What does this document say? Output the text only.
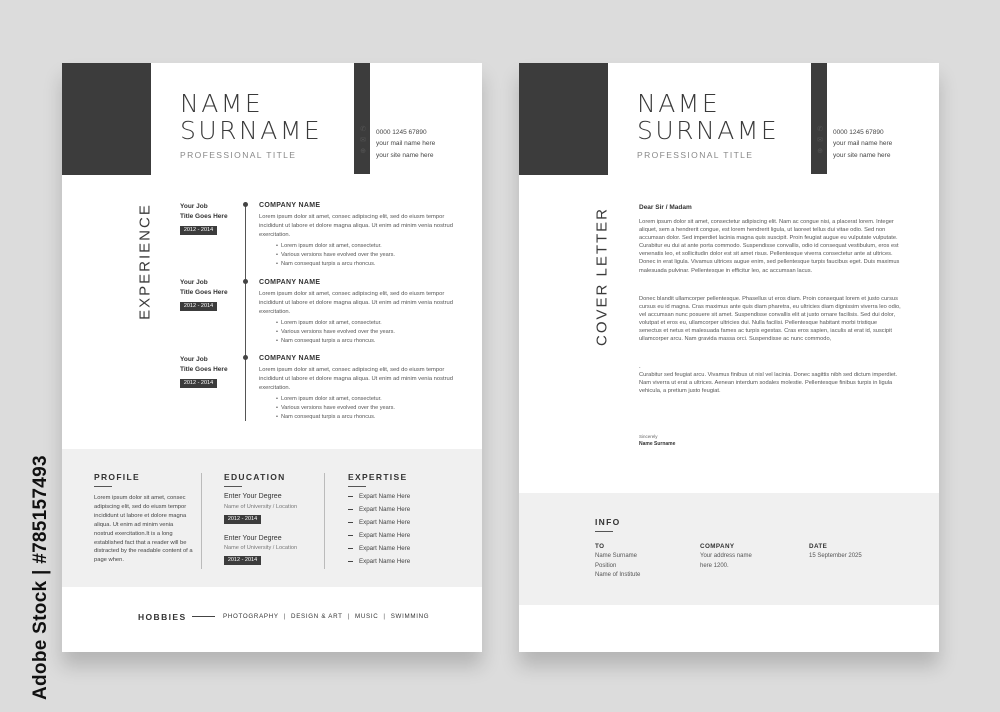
Adobe Stock | #785157493
NAME
SURNAME
PROFESSIONAL TITLE
✆
✉
⊕
0000 1245 67890
your mail name here
your site name here
EXPERIENCE	Your Job
Title Goes Here
2012 - 2014
COMPANY NAME
Lorem ipsum dolor sit amet, consec adipiscing elit, sed do eiusm tempor incididunt ut labore et dolore magna aliqua. Ut enim ad minim venia nostrud exercitation.
• Lorem ipsum dolor sit amet, consectetur.
• Various versions have evolved over the years.
• Nam consequat turpis a arcu rhoncus.
Your Job
Title Goes Here
2012 - 2014
COMPANY NAME
Lorem ipsum dolor sit amet, consec adipiscing elit, sed do eiusm tempor incididunt ut labore et dolore magna aliqua. Ut enim ad minim venia nostrud exercitation.
• Lorem ipsum dolor sit amet, consectetur.
• Various versions have evolved over the years.
• Nam consequat turpis a arcu rhoncus.
Your Job
Title Goes Here
2012 - 2014
COMPANY NAME
Lorem ipsum dolor sit amet, consec adipiscing elit, sed do eiusm tempor incididunt ut labore et dolore magna aliqua. Ut enim ad minim venia nostrud exercitation.
• Lorem ipsum dolor sit amet, consectetur.
• Various versions have evolved over the years.
• Nam consequat turpis a arcu rhoncus.
PROFILE
Lorem ipsum dolor sit amet, consec adipiscing elit, sed do eiusm tempor incididunt ut labore et dolore magna aliqua. Ut enim ad minim venia nostrud exercitation.It is a long established fact that a reader will be distracted by the readable content of a page when.
EDUCATION
Enter Your Degree
Name of University / Location
2012 - 2014
Enter Your Degree
Name of University / Location
2012 - 2014
EXPERTISE
Expart Name Here
Expart Name Here
Expart Name Here
Expart Name Here
Expart Name Here
Expart Name Here
HOBBIES	PHOTOGRAPHY | DESIGN & ART | MUSIC | SWIMMING
NAME
SURNAME
PROFESSIONAL TITLE
✆
✉
⊕
0000 1245 67890
your mail name here
your site name here
COVER LETTER	Dear Sir / Madam
Lorem ipsum dolor sit amet, consectetur adipiscing elit. Nam ac congue nisi, a placerat lorem. Integer aliquet, sem a hendrerit congue, est lorem hendrerit ligula, ut laoreet tellus dui vitae odio. Sed non accumsan dolor. Sed imperdiet lacinia magna quis suscipit. Proin feugiat augue eu vulputate vulputate. Curabitur eu dui at ante porta commodo. Suspendisse convallis, odio id consequat vestibulum, eros est venenatis leo, et sollicitudin dolor est sit amet risus. Pellentesque viverra consectetur ante at ultrices. Donec in erat ligula. Vivamus ultrices augue enim, sed pellentesque turpis faucibus eget. Duis maximus malesuada pulvinar. Pellentesque in efficitur leo, ac accumsan lacus.
Donec blandit ullamcorper pellentesque. Phasellus ut eros diam. Proin consequat lorem et justo cursus cursus eu id magna. Cras maximus ante quis diam pharetra, eu ultricies diam dignissim viverra leo odio, vel accumsan nunc posuere sit amet. Suspendisse convallis elit at justo ornare facilisis. Sed dui dolor, volutpat et eros eu, ullamcorper ultricies dui. Nulla facilisi. Pellentesque habitant morbi tristique senectus et netus et malesuada fames ac turpis egestas. Cras eros sapien, iaculis at erat id, suscipit ullamcorper arcu. Nam gravida massa orci. Suspendisse ac nunc commodo,
.
Curabitur sed feugiat arcu. Vivamus finibus ut nisl vel lacinia. Donec sagittis nibh sed dictum imperdiet. Nam viverra ut erat a ultrices. Aenean interdum sodales molestie. Pellentesque finibus turpis in ligula vehicula, a pretium justo feugiat.
Sincerely
Name Surname
INFO
TO
Name Surname
Position
Name of Institute
COMPANY
Your address name
here 1200.
DATE
15 September 2025
